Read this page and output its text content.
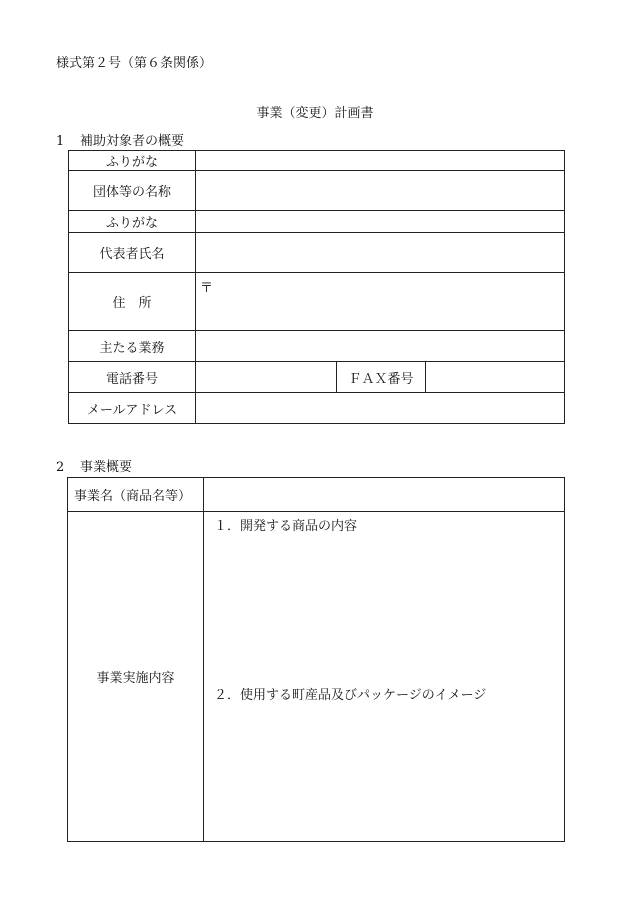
様式第２号（第６条関係）
事業（変更）計画書
1 補助対象者の概要
ふりがな			
団体等の名称			
ふりがな			
代表者氏名			
住　所	〒		
主たる業務			
電話番号		ＦＡＸ番号	
メールアドレス			
2 事業概要
事業名（商品名等）	
事業実施内容	１．開発する商品の内容
２．使用する町産品及びパッケージのイメージ
